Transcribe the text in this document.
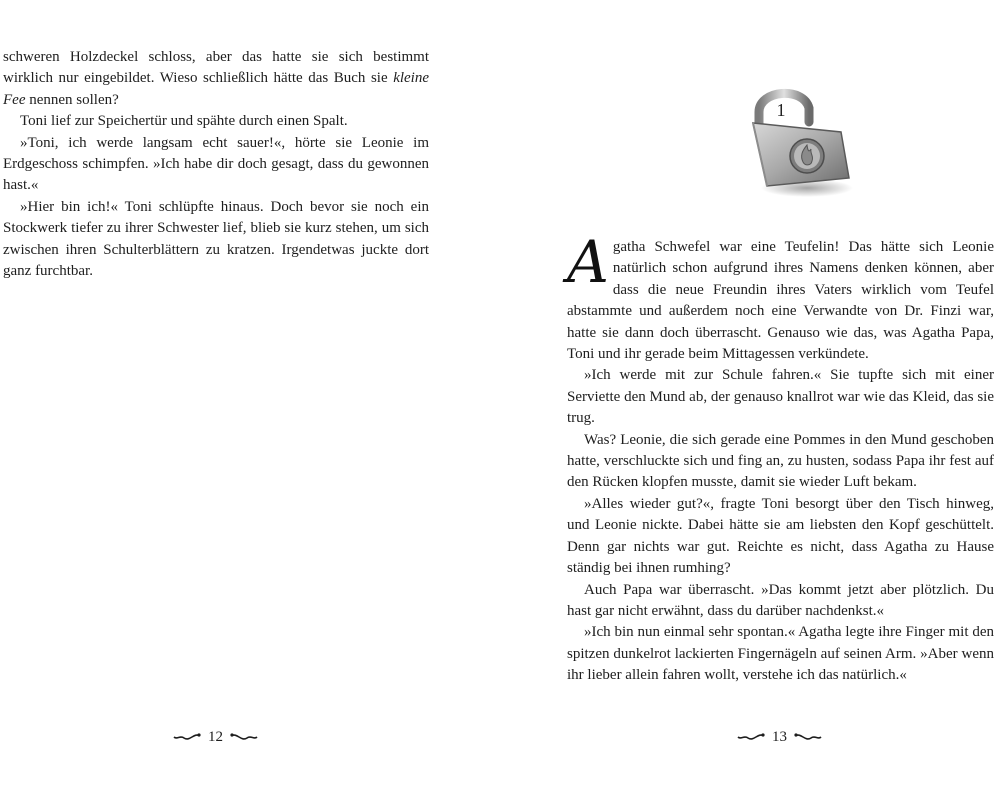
schweren Holzdeckel schloss, aber das hatte sie sich bestimmt wirklich nur eingebildet. Wieso schließlich hätte das Buch sie kleine Fee nennen sollen?

Toni lief zur Speichertür und spähte durch einen Spalt.

»Toni, ich werde langsam echt sauer!«, hörte sie Leonie im Erdgeschoss schimpfen. »Ich habe dir doch gesagt, dass du gewonnen hast.«

»Hier bin ich!« Toni schlüpfte hinaus. Doch bevor sie noch ein Stockwerk tiefer zu ihrer Schwester lief, blieb sie kurz stehen, um sich zwischen ihren Schulterblättern zu kratzen. Irgendetwas juckte dort ganz furchtbar.

12
1

Agatha Schwefel war eine Teufelin! Das hätte sich Leonie natürlich schon aufgrund ihres Namens denken können, aber dass die neue Freundin ihres Vaters wirklich vom Teufel abstammte und außerdem noch eine Verwandte von Dr. Finzi war, hatte sie dann doch überrascht. Genauso wie das, was Agatha Papa, Toni und ihr gerade beim Mittagessen verkündete.

»Ich werde mit zur Schule fahren.« Sie tupfte sich mit einer Serviette den Mund ab, der genauso knallrot war wie das Kleid, das sie trug.

Was? Leonie, die sich gerade eine Pommes in den Mund geschoben hatte, verschluckte sich und fing an, zu husten, sodass Papa ihr fest auf den Rücken klopfen musste, damit sie wieder Luft bekam.

»Alles wieder gut?«, fragte Toni besorgt über den Tisch hinweg, und Leonie nickte. Dabei hätte sie am liebsten den Kopf geschüttelt. Denn gar nichts war gut. Reichte es nicht, dass Agatha zu Hause ständig bei ihnen rumhing?

Auch Papa war überrascht. »Das kommt jetzt aber plötzlich. Du hast gar nicht erwähnt, dass du darüber nachdenkst.«

»Ich bin nun einmal sehr spontan.« Agatha legte ihre Finger mit den spitzen dunkelrot lackierten Fingernägeln auf seinen Arm. »Aber wenn ihr lieber allein fahren wollt, verstehe ich das natürlich.«

13
